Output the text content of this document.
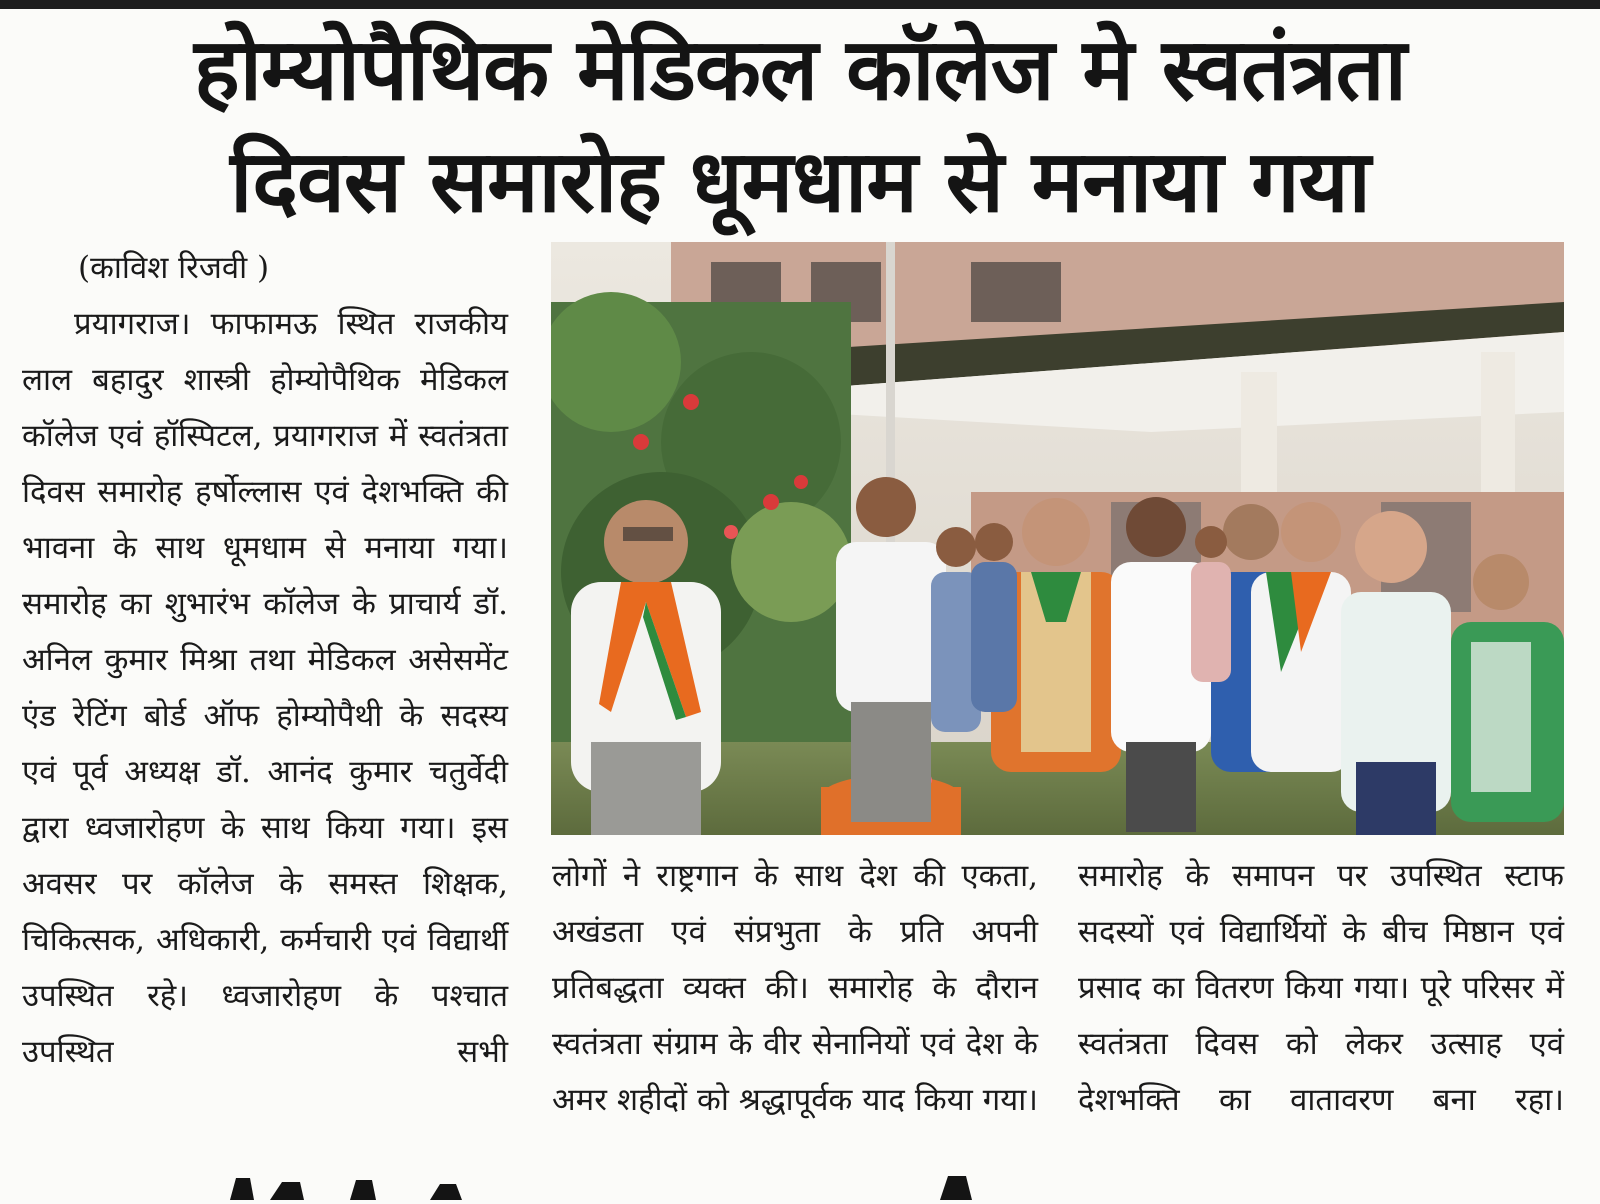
होम्योपैथिक मेडिकल कॉलेज मे स्वतंत्रता
दिवस समारोह धूमधाम से मनाया गया

(काविश रिजवी )

प्रयागराज। फाफामऊ स्थित राजकीय लाल बहादुर शास्त्री होम्योपैथिक मेडिकल कॉलेज एवं हॉस्पिटल, प्रयागराज में स्वतंत्रता दिवस समारोह हर्षोल्लास एवं देशभक्ति की भावना के साथ धूमधाम से मनाया गया। समारोह का शुभारंभ कॉलेज के प्राचार्य डॉ. अनिल कुमार मिश्रा तथा मेडिकल असेसमेंट एंड रेटिंग बोर्ड ऑफ होम्योपैथी के सदस्य एवं पूर्व अध्यक्ष डॉ. आनंद कुमार चतुर्वेदी द्वारा ध्वजारोहण के साथ किया गया। इस अवसर पर कॉलेज के समस्त शिक्षक, चिकित्सक, अधिकारी, कर्मचारी एवं विद्यार्थी उपस्थित रहे। ध्वजारोहण के पश्चात उपस्थित सभी

लोगों ने राष्ट्रगान के साथ देश की एकता, अखंडता एवं संप्रभुता के प्रति अपनी प्रतिबद्धता व्यक्त की। समारोह के दौरान स्वतंत्रता संग्राम के वीर सेनानियों एवं देश के अमर शहीदों को श्रद्धापूर्वक याद किया गया।

समारोह के समापन पर उपस्थित स्टाफ सदस्यों एवं विद्यार्थियों के बीच मिष्ठान एवं प्रसाद का वितरण किया गया। पूरे परिसर में स्वतंत्रता दिवस को लेकर उत्साह एवं देशभक्ति का वातावरण बना रहा।
